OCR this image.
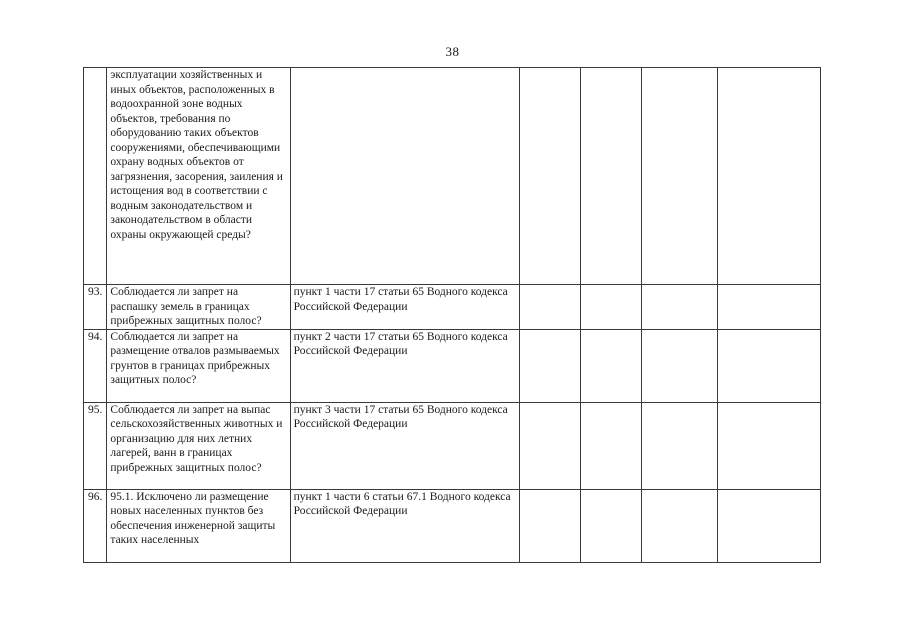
38
	эксплуатации хозяйственных и иных объектов, расположенных в водоохранной зоне водных объектов, требования по оборудованию таких объектов сооружениями, обеспечивающими охрану водных объектов от загрязнения, засорения, заиления и истощения вод в соответствии с водным законодательством и законодательством в области охраны окружающей среды?					
93.	Соблюдается ли запрет на распашку земель в границах прибрежных защитных полос?	пункт 1 части 17 статьи 65 Водного кодекса Российской Федерации				
94.	Соблюдается ли запрет на размещение отвалов размываемых грунтов в границах прибрежных защитных полос?	пункт 2 части 17 статьи 65 Водного кодекса Российской Федерации				
95.	Соблюдается ли запрет на выпас сельскохозяйственных животных и организацию для них летних лагерей, ванн в границах прибрежных защитных полос?	пункт 3 части 17 статьи 65 Водного кодекса Российской Федерации				
96.	95.1. Исключено ли размещение новых населенных пунктов без обеспечения инженерной защиты таких населенных	пункт 1 части 6 статьи 67.1 Водного кодекса Российской Федерации				
